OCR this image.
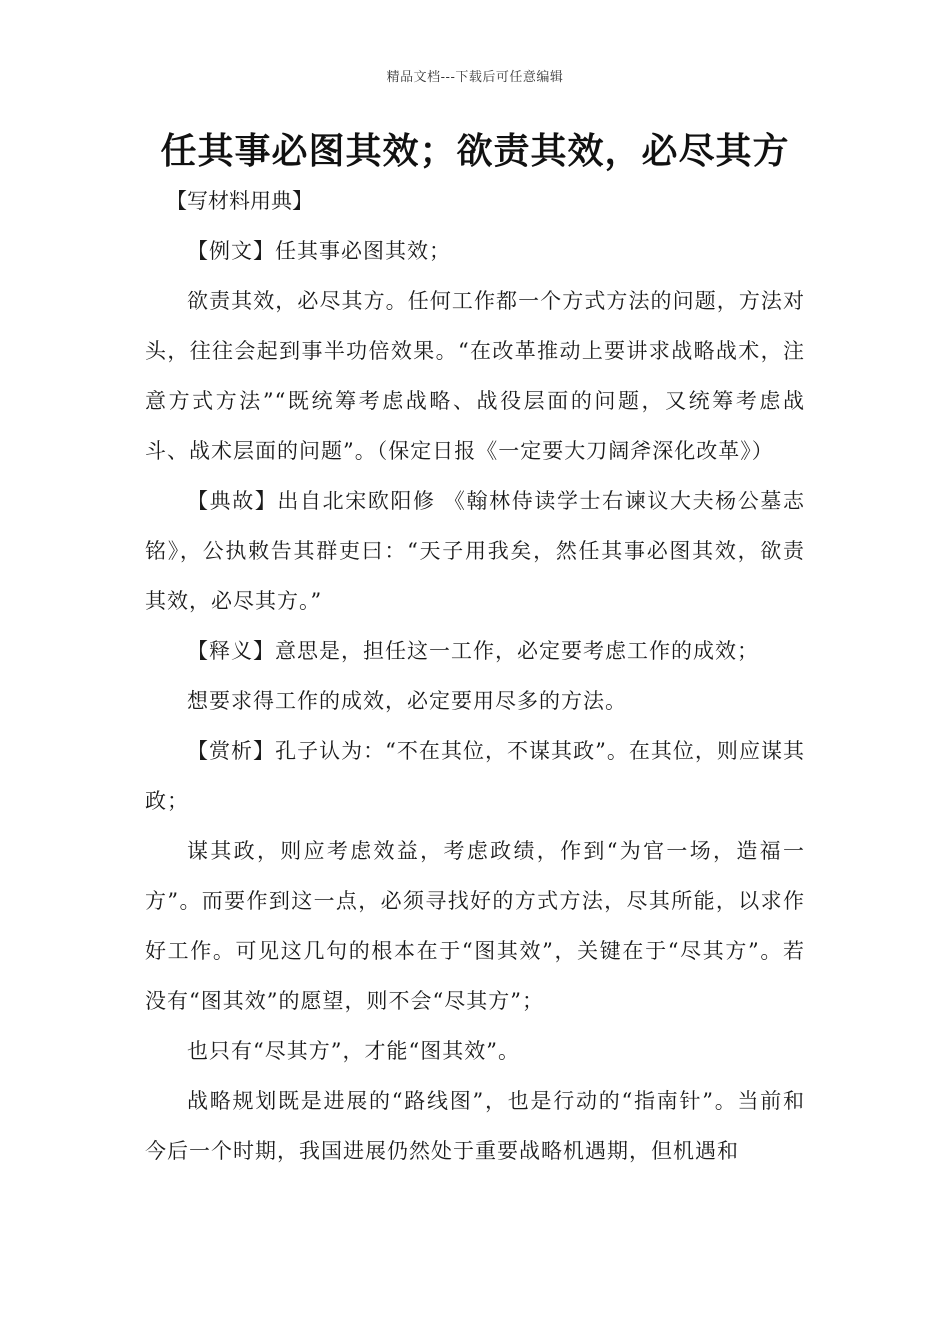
精品文档---下载后可任意编辑
任其事必图其效；欲责其效，必尽其方
【写材料用典】

【例文】任其事必图其效；

欲责其效，必尽其方。任何工作都一个方式方法的问题，方法对头，往往会起到事半功倍效果。“在改革推动上要讲求战略战术，注意方式方法”“既统筹考虑战略、战役层面的问题，又统筹考虑战斗、战术层面的问题”。（保定日报《一定要大刀阔斧深化改革》）

【典故】出自北宋欧阳修 《翰林侍读学士右谏议大夫杨公墓志铭》，公执敕告其群吏曰：“天子用我矣，然任其事必图其效，欲责其效，必尽其方。”

【释义】意思是，担任这一工作，必定要考虑工作的成效；

想要求得工作的成效，必定要用尽多的方法。

【赏析】孔子认为：“不在其位，不谋其政”。在其位，则应谋其政；

谋其政，则应考虑效益，考虑政绩，作到“为官一场，造福一方”。而要作到这一点，必须寻找好的方式方法，尽其所能，以求作好工作。可见这几句的根本在于“图其效”，关键在于“尽其方”。若没有“图其效”的愿望，则不会“尽其方”；

也只有“尽其方”，才能“图其效”。

战略规划既是进展的“路线图”，也是行动的“指南针”。当前和今后一个时期，我国进展仍然处于重要战略机遇期，但机遇和
